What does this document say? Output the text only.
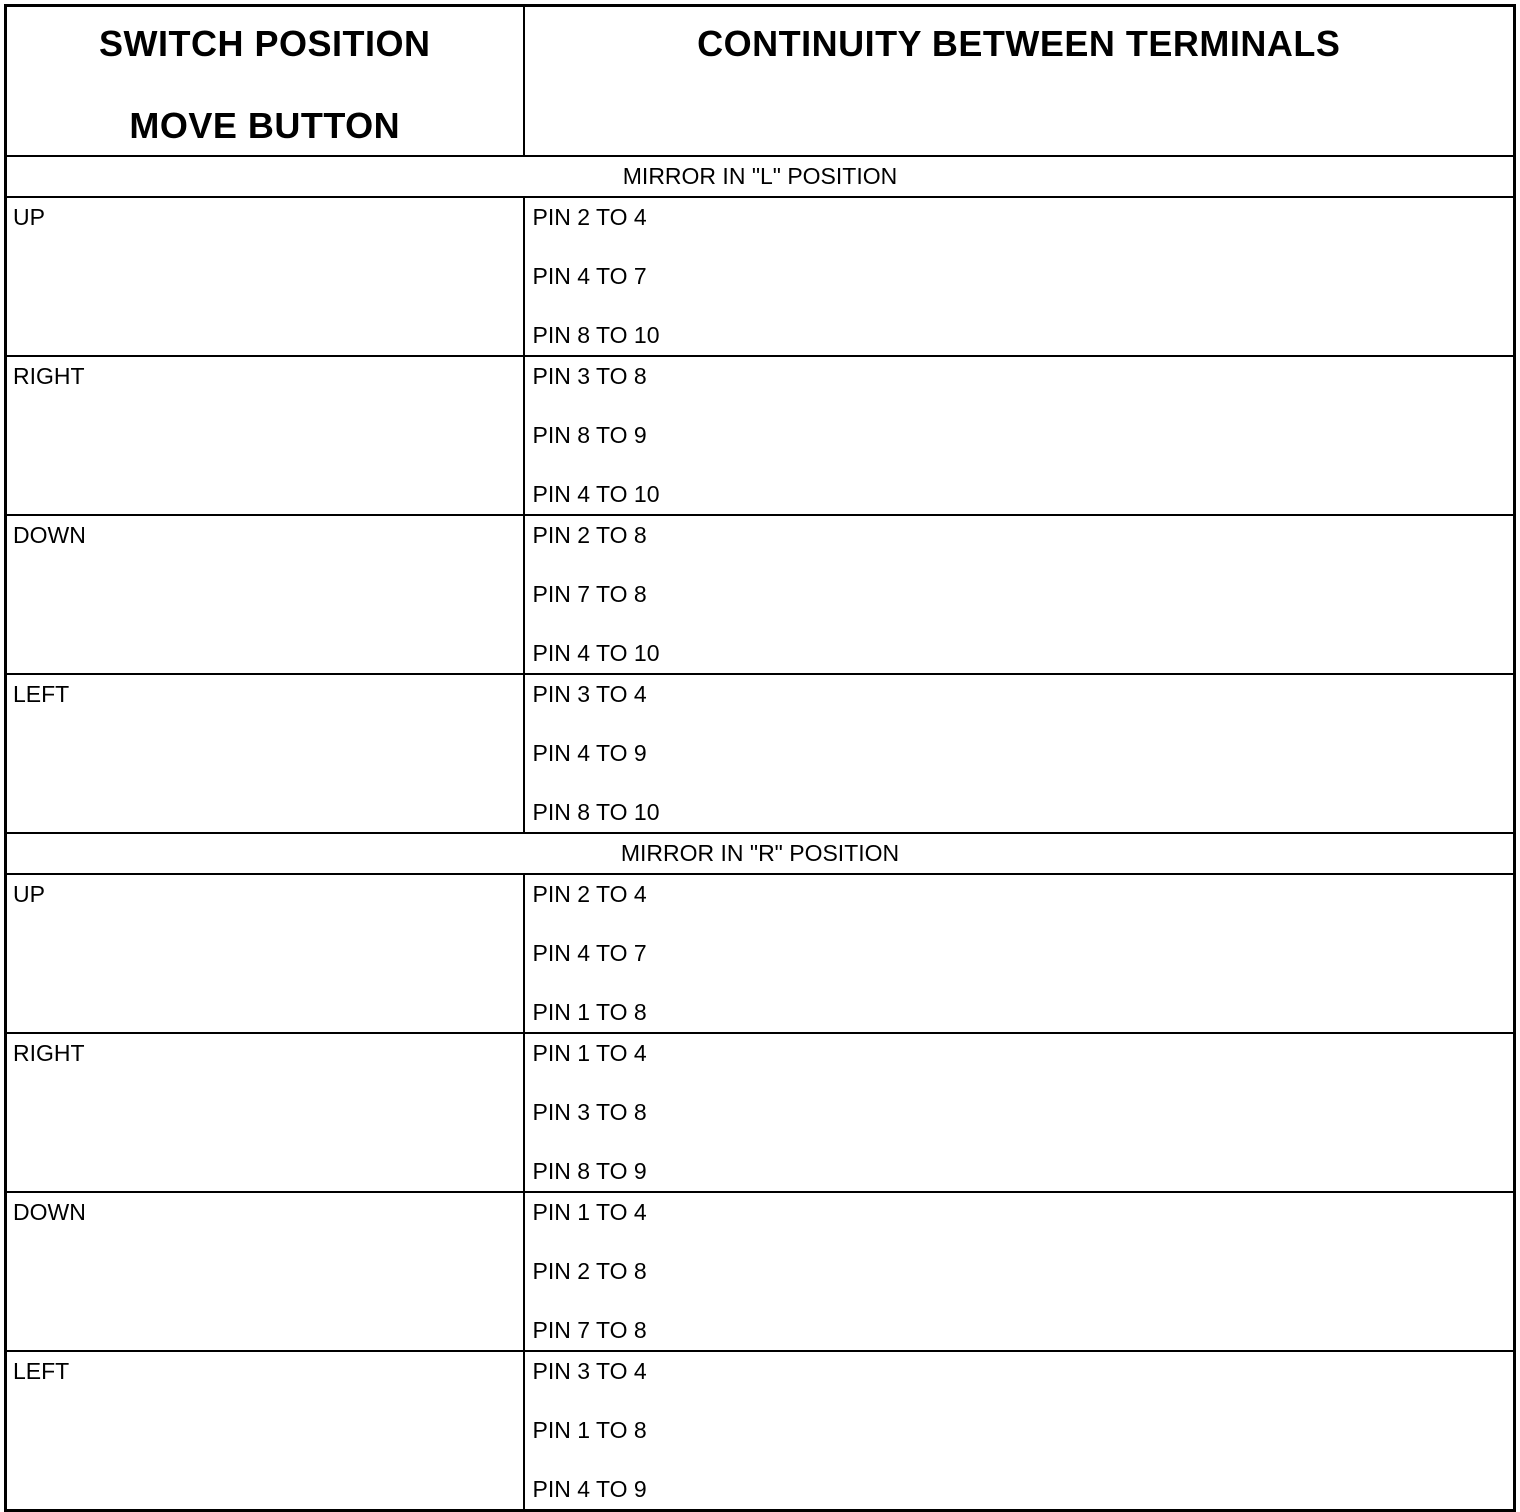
SWITCH POSITION
MOVE BUTTON	CONTINUITY BETWEEN TERMINALS
MIRROR IN "L" POSITION	
UP	PIN 2 TO 4
PIN 4 TO 7
PIN 8 TO 10

RIGHT	PIN 3 TO 8
PIN 8 TO 9
PIN 4 TO 10

DOWN	PIN 2 TO 8
PIN 7 TO 8
PIN 4 TO 10

LEFT	PIN 3 TO 4
PIN 4 TO 9
PIN 8 TO 10

MIRROR IN "R" POSITION	
UP	PIN 2 TO 4
PIN 4 TO 7
PIN 1 TO 8

RIGHT	PIN 1 TO 4
PIN 3 TO 8
PIN 8 TO 9

DOWN	PIN 1 TO 4
PIN 2 TO 8
PIN 7 TO 8

LEFT	PIN 3 TO 4
PIN 1 TO 8
PIN 4 TO 9
